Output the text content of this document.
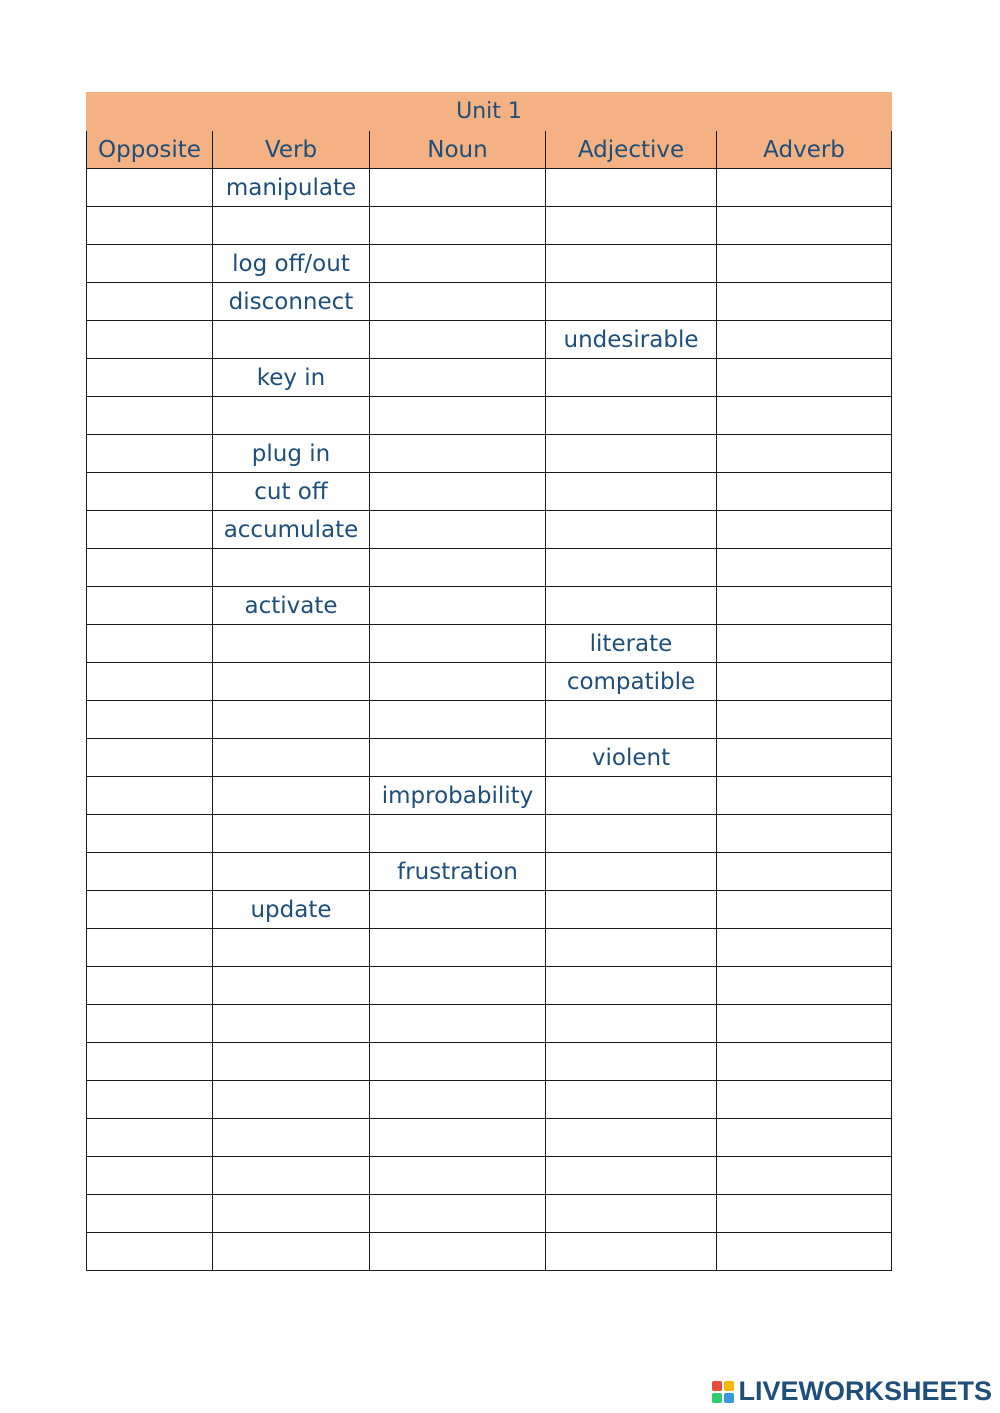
Unit 1				
Opposite	Verb	Noun	Adjective	Adverb
	manipulate			

	log off/out			
	disconnect			
			undesirable	
	key in			

	plug in			
	cut off			
	accumulate			

	activate			
			literate	
			compatible	

			violent	
		improbability		

		frustration		
	update			

LIVEWORKSHEETS
